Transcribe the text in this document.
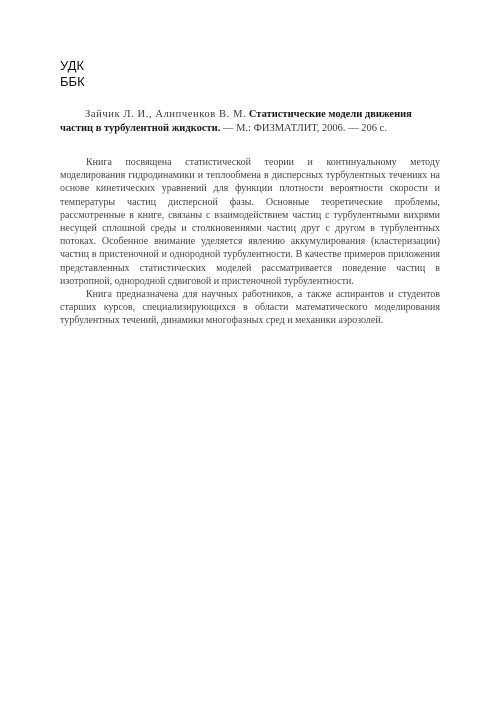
УДК
ББК
Зайчик Л. И., Алипченков В. М. Статистические модели движения
частиц в турбулентной жидкости. — М.: ФИЗМАТЛИТ, 2006. — 206 с.

Книга посвящена статистической теории и континуальному методу моделирования гидродинамики и теплообмена в дисперсных турбулентных течениях на основе кинетических уравнений для функции плотности вероятности скорости и температуры частиц дисперсной фазы. Основные теоретические проблемы, рассмотренные в книге, связаны с взаимодействием частиц с турбулентными вихрями несущей сплошной среды и столкновениями частиц друг с другом в турбулентных потоках. Особенное внимание уделяется явлению аккумулирования (кластеризации) частиц в пристеночной и однородной турбулентности. В качестве примеров приложения представленных статистических моделей рассматривается поведение частиц в изотропной, однородной сдвиговой и пристеночной турбулентности.

Книга предназначена для научных работников, а также аспирантов и студентов старших курсов, специализирующихся в области математического моделирования турбулентных течений, динамики многофазных сред и механики аэрозолей.
